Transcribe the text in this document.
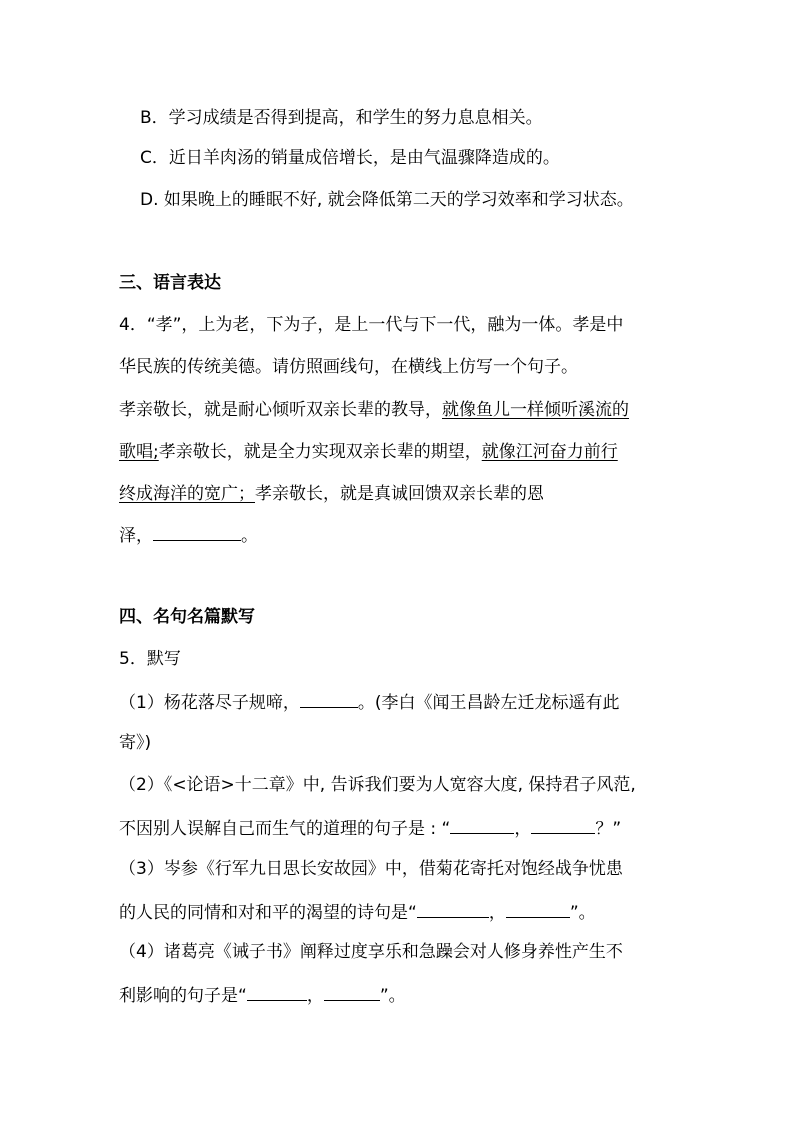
B．学习成绩是否得到提高，和学生的努力息息相关。
C．近日羊肉汤的销量成倍增长，是由气温骤降造成的。
D. 如果晚上的睡眠不好, 就会降低第二天的学习效率和学习状态。
三、语言表达
4．“孝”，上为老，下为子，是上一代与下一代，融为一体。孝是中
华民族的传统美德。请仿照画线句，在横线上仿写一个句子。
孝亲敬长，就是耐心倾听双亲长辈的教导，就像鱼儿一样倾听溪流的
歌唱;孝亲敬长，就是全力实现双亲长辈的期望，就像江河奋力前行
终成海洋的宽广；孝亲敬长，就是真诚回馈双亲长辈的恩
泽，	。
四、名句名篇默写
5．默写
（1）杨花落尽子规啼，	。(李白《闻王昌龄左迁龙标遥有此
寄》)
（2）《<论语>十二章》中, 告诉我们要为人宽容大度, 保持君子风范,
不因别人误解自己而生气的道理的句子是 : “	，	？”
（3）岑参《行军九日思长安故园》中，借菊花寄托对饱经战争忧患
的人民的同情和对和平的渴望的诗句是“	，	”。
（4）诸葛亮《诫子书》阐释过度享乐和急躁会对人修身养性产生不
利影响的句子是“	，	”。
